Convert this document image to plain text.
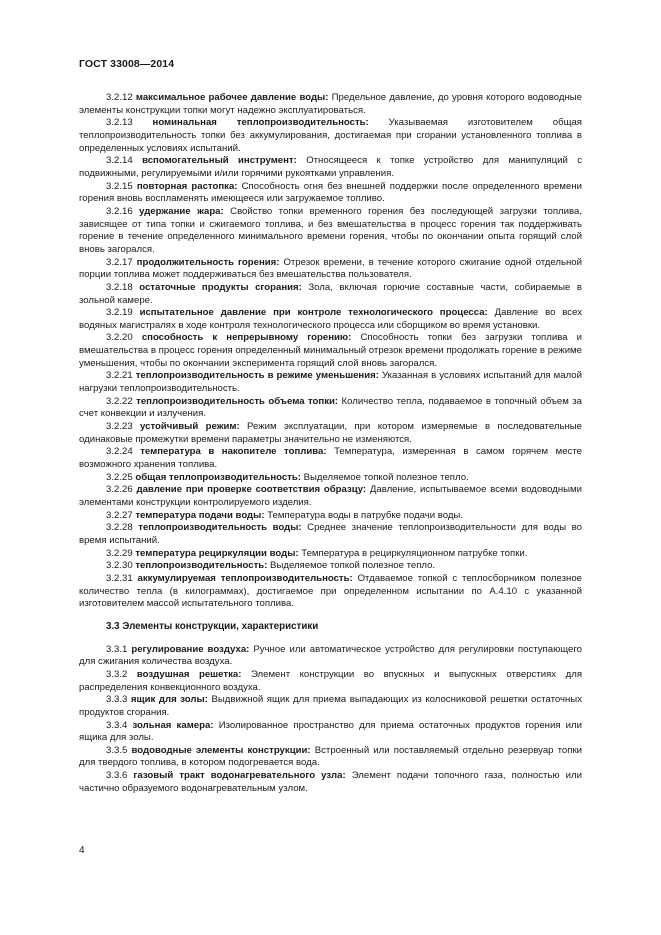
ГОСТ 33008—2014

3.2.12 максимальное рабочее давление воды: Предельное давление, до уровня которого водоводные элементы конструкции топки могут надежно эксплуатироваться.

3.2.13 номинальная теплопроизводительность: Указываемая изготовителем общая теплопроизводительность топки без аккумулирования, достигаемая при сгорании установленного топлива в определенных условиях испытаний.

3.2.14 вспомогательный инструмент: Относящееся к топке устройство для манипуляций с подвижными, регулируемыми и/или горячими рукоятками управления.

3.2.15 повторная растопка: Способность огня без внешней поддержки после определенного времени горения вновь воспламенять имеющееся или загружаемое топливо.

3.2.16 удержание жара: Свойство топки временного горения без последующей загрузки топлива, зависящее от типа топки и сжигаемого топлива, и без вмешательства в процесс горения так поддерживать горение в течение определенного минимального времени горения, чтобы по окончании опыта горящий слой вновь загорался.

3.2.17 продолжительность горения: Отрезок времени, в течение которого сжигание одной отдельной порции топлива может поддерживаться без вмешательства пользователя.

3.2.18 остаточные продукты сгорания: Зола, включая горючие составные части, собираемые в зольной камере.

3.2.19 испытательное давление при контроле технологического процесса: Давление во всех водяных магистралях в ходе контроля технологического процесса или сборщиком во время установки.

3.2.20 способность к непрерывному горению: Способность топки без загрузки топлива и вмешательства в процесс горения определенный минимальный отрезок времени продолжать горение в режиме уменьшения, чтобы по окончании эксперимента горящий слой вновь загорался.

3.2.21 теплопроизводительность в режиме уменьшения: Указанная в условиях испытаний для малой нагрузки теплопроизводительность.

3.2.22 теплопроизводительность объема топки: Количество тепла, подаваемое в топочный объем за счет конвекции и излучения.

3.2.23 устойчивый режим: Режим эксплуатации, при котором измеряемые в последовательные одинаковые промежутки времени параметры значительно не изменяются.

3.2.24 температура в накопителе топлива: Температура, измеренная в самом горячем месте возможного хранения топлива.

3.2.25 общая теплопроизводительность: Выделяемое топкой полезное тепло.

3.2.26 давление при проверке соответствия образцу: Давление, испытываемое всеми водоводными элементами конструкции контролируемого изделия.

3.2.27 температура подачи воды: Температура воды в патрубке подачи воды.

3.2.28 теплопроизводительность воды: Среднее значение теплопроизводительности для воды во время испытаний.

3.2.29 температура рециркуляции воды: Температура в рециркуляционном патрубке топки.

3.2.30 теплопроизводительность: Выделяемое топкой полезное тепло.

3.2.31 аккумулируемая теплопроизводительность: Отдаваемое топкой с теплосборником полезное количество тепла (в килограммах), достигаемое при определенном испытании по А.4.10 с указанной изготовителем массой испытательного топлива.

3.3 Элементы конструкции, характеристики

3.3.1 регулирование воздуха: Ручное или автоматическое устройство для регулировки поступающего для сжигания количества воздуха.

3.3.2 воздушная решетка: Элемент конструкции во впускных и выпускных отверстиях для распределения конвекционного воздуха.

3.3.3 ящик для золы: Выдвижной ящик для приема выпадающих из колосниковой решетки остаточных продуктов сгорания.

3.3.4 зольная камера: Изолированное пространство для приема остаточных продуктов горения или ящика для золы.

3.3.5 водоводные элементы конструкции: Встроенный или поставляемый отдельно резервуар топки для твердого топлива, в котором подогревается вода.

3.3.6 газовый тракт водонагревательного узла: Элемент подачи топочного газа, полностью или частично образуемого водонагревательным узлом.

4
